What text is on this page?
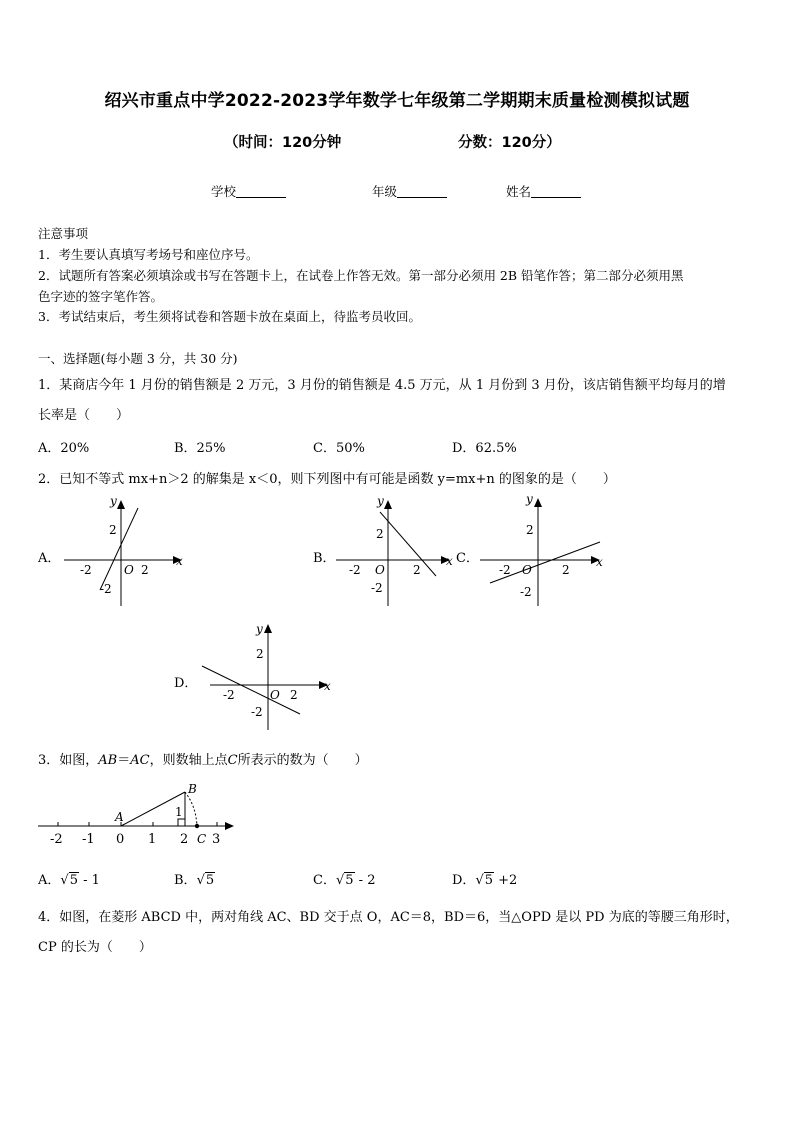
绍兴市重点中学2022-2023学年数学七年级第二学期期末质量检测模拟试题
（时间：120分钟	分数：120分）
学校	年级	姓名
注意事项
1．考生要认真填写考场号和座位序号。
2．试题所有答案必须填涂或书写在答题卡上，在试卷上作答无效。第一部分必须用 2B 铅笔作答；第二部分必须用黑
色字迹的签字笔作答。
3．考试结束后，考生须将试卷和答题卡放在桌面上，待监考员收回。
一、选择题(每小题 3 分，共 30 分)
1．某商店今年 1 月份的销售额是 2 万元，3 月份的销售额是 4.5 万元，从 1 月份到 3 月份，该店销售额平均每月的增
长率是（　　）
A．20%	B．25%	C．50%	D．62.5%
2．已知不等式 mx+n＞2 的解集是 x＜0，则下列图中有可能是函数 y=mx+n 的图象的是（　　）
A．
y
x
O 2
-2
2
-2
B．
y
x
O 2
-2
2
-2
C．
y
x
O	2
-2
2
-2
D．
y
x
O 2
-2
2
-2
3．如图，AB＝AC，则数轴上点C所表示的数为（　　）
-2 -1 0 1 2 3
A
B
C
1
A．√5 - 1	B．√5	C．√5 - 2	D．√5 +2
4．如图，在菱形 ABCD 中，两对角线 AC、BD 交于点 O，AC＝8，BD＝6，当△OPD 是以 PD 为底的等腰三角形时，
CP 的长为（　　）
